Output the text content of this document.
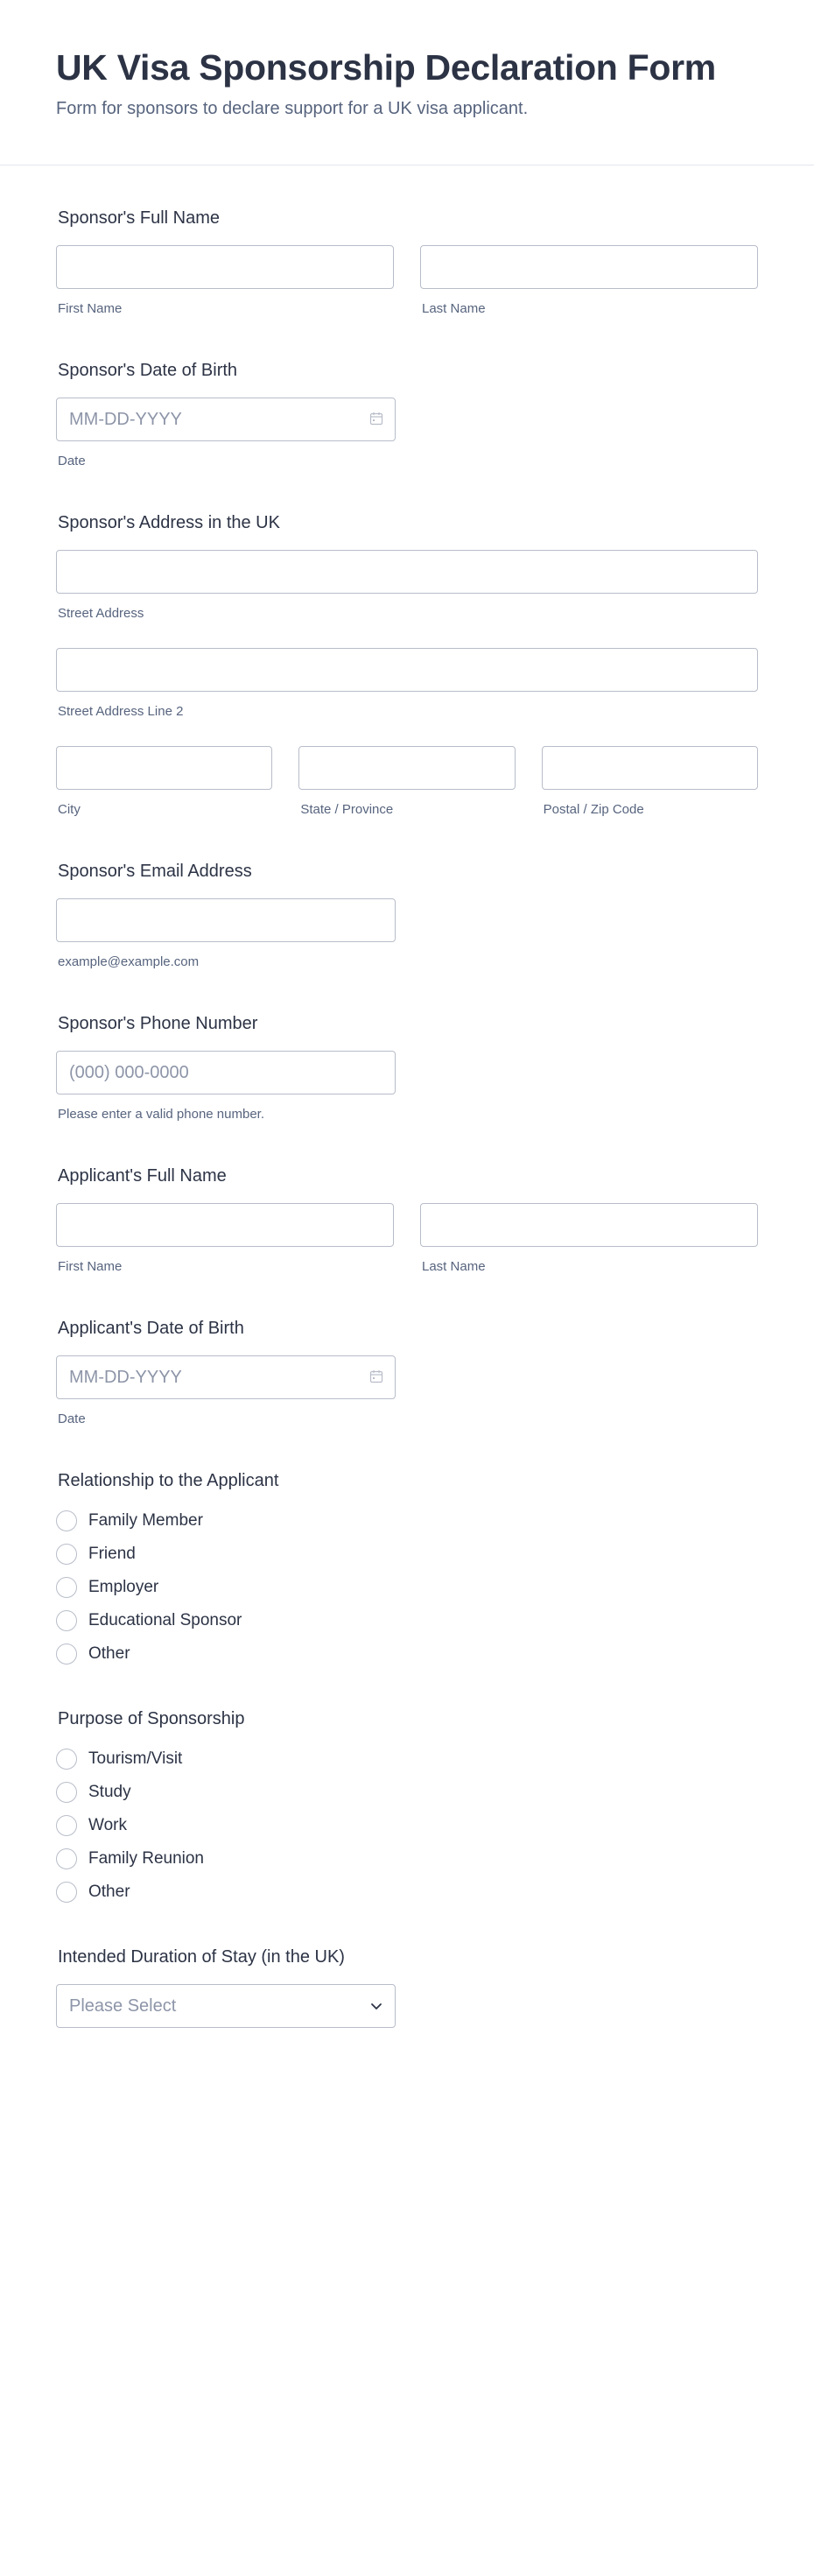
UK Visa Sponsorship Declaration Form
Form for sponsors to declare support for a UK visa applicant.
Sponsor's Full Name
First Name	Last Name
Sponsor's Date of Birth
MM-DD-YYYY
Date
Sponsor's Address in the UK
Street Address
Street Address Line 2
City	State / Province	Postal / Zip Code
Sponsor's Email Address
example@example.com
Sponsor's Phone Number
(000) 000-0000
Please enter a valid phone number.
Applicant's Full Name
First Name	Last Name
Applicant's Date of Birth
MM-DD-YYYY
Date
Relationship to the Applicant
Family Member
Friend
Employer
Educational Sponsor
Other
Purpose of Sponsorship
Tourism/Visit
Study
Work
Family Reunion
Other
Intended Duration of Stay (in the UK)
Please Select
